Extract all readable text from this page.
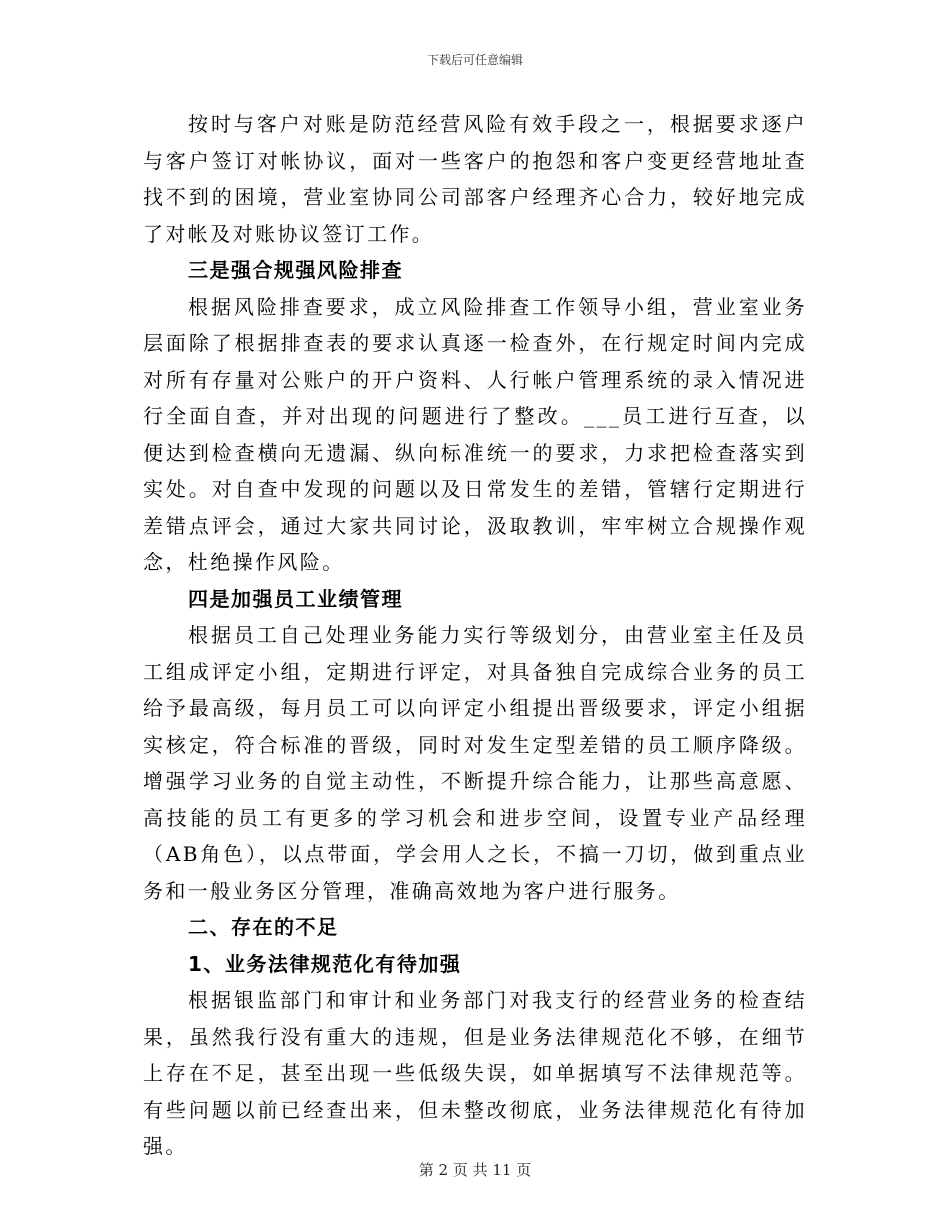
下载后可任意编辑

按时与客户对账是防范经营风险有效手段之一，根据要求逐户与客户签订对帐协议，面对一些客户的抱怨和客户变更经营地址查找不到的困境，营业室协同公司部客户经理齐心合力，较好地完成了对帐及对账协议签订工作。

三是强合规强风险排查

根据风险排查要求，成立风险排查工作领导小组，营业室业务层面除了根据排查表的要求认真逐一检查外，在行规定时间内完成对所有存量对公账户的开户资料、人行帐户管理系统的录入情况进行全面自查，并对出现的问题进行了整改。___员工进行互查，以便达到检查横向无遗漏、纵向标准统一的要求，力求把检查落实到实处。对自查中发现的问题以及日常发生的差错，管辖行定期进行差错点评会，通过大家共同讨论，汲取教训，牢牢树立合规操作观念，杜绝操作风险。

四是加强员工业绩管理

根据员工自己处理业务能力实行等级划分，由营业室主任及员工组成评定小组，定期进行评定，对具备独自完成综合业务的员工给予最高级，每月员工可以向评定小组提出晋级要求，评定小组据实核定，符合标准的晋级，同时对发生定型差错的员工顺序降级。增强学习业务的自觉主动性，不断提升综合能力，让那些高意愿、高技能的员工有更多的学习机会和进步空间，设置专业产品经理（AB角色），以点带面，学会用人之长，不搞一刀切，做到重点业务和一般业务区分管理，准确高效地为客户进行服务。

二、存在的不足

1、业务法律规范化有待加强

根据银监部门和审计和业务部门对我支行的经营业务的检查结果，虽然我行没有重大的违规，但是业务法律规范化不够，在细节上存在不足，甚至出现一些低级失误，如单据填写不法律规范等。有些问题以前已经查出来，但未整改彻底，业务法律规范化有待加强。

第 2 页 共 11 页
